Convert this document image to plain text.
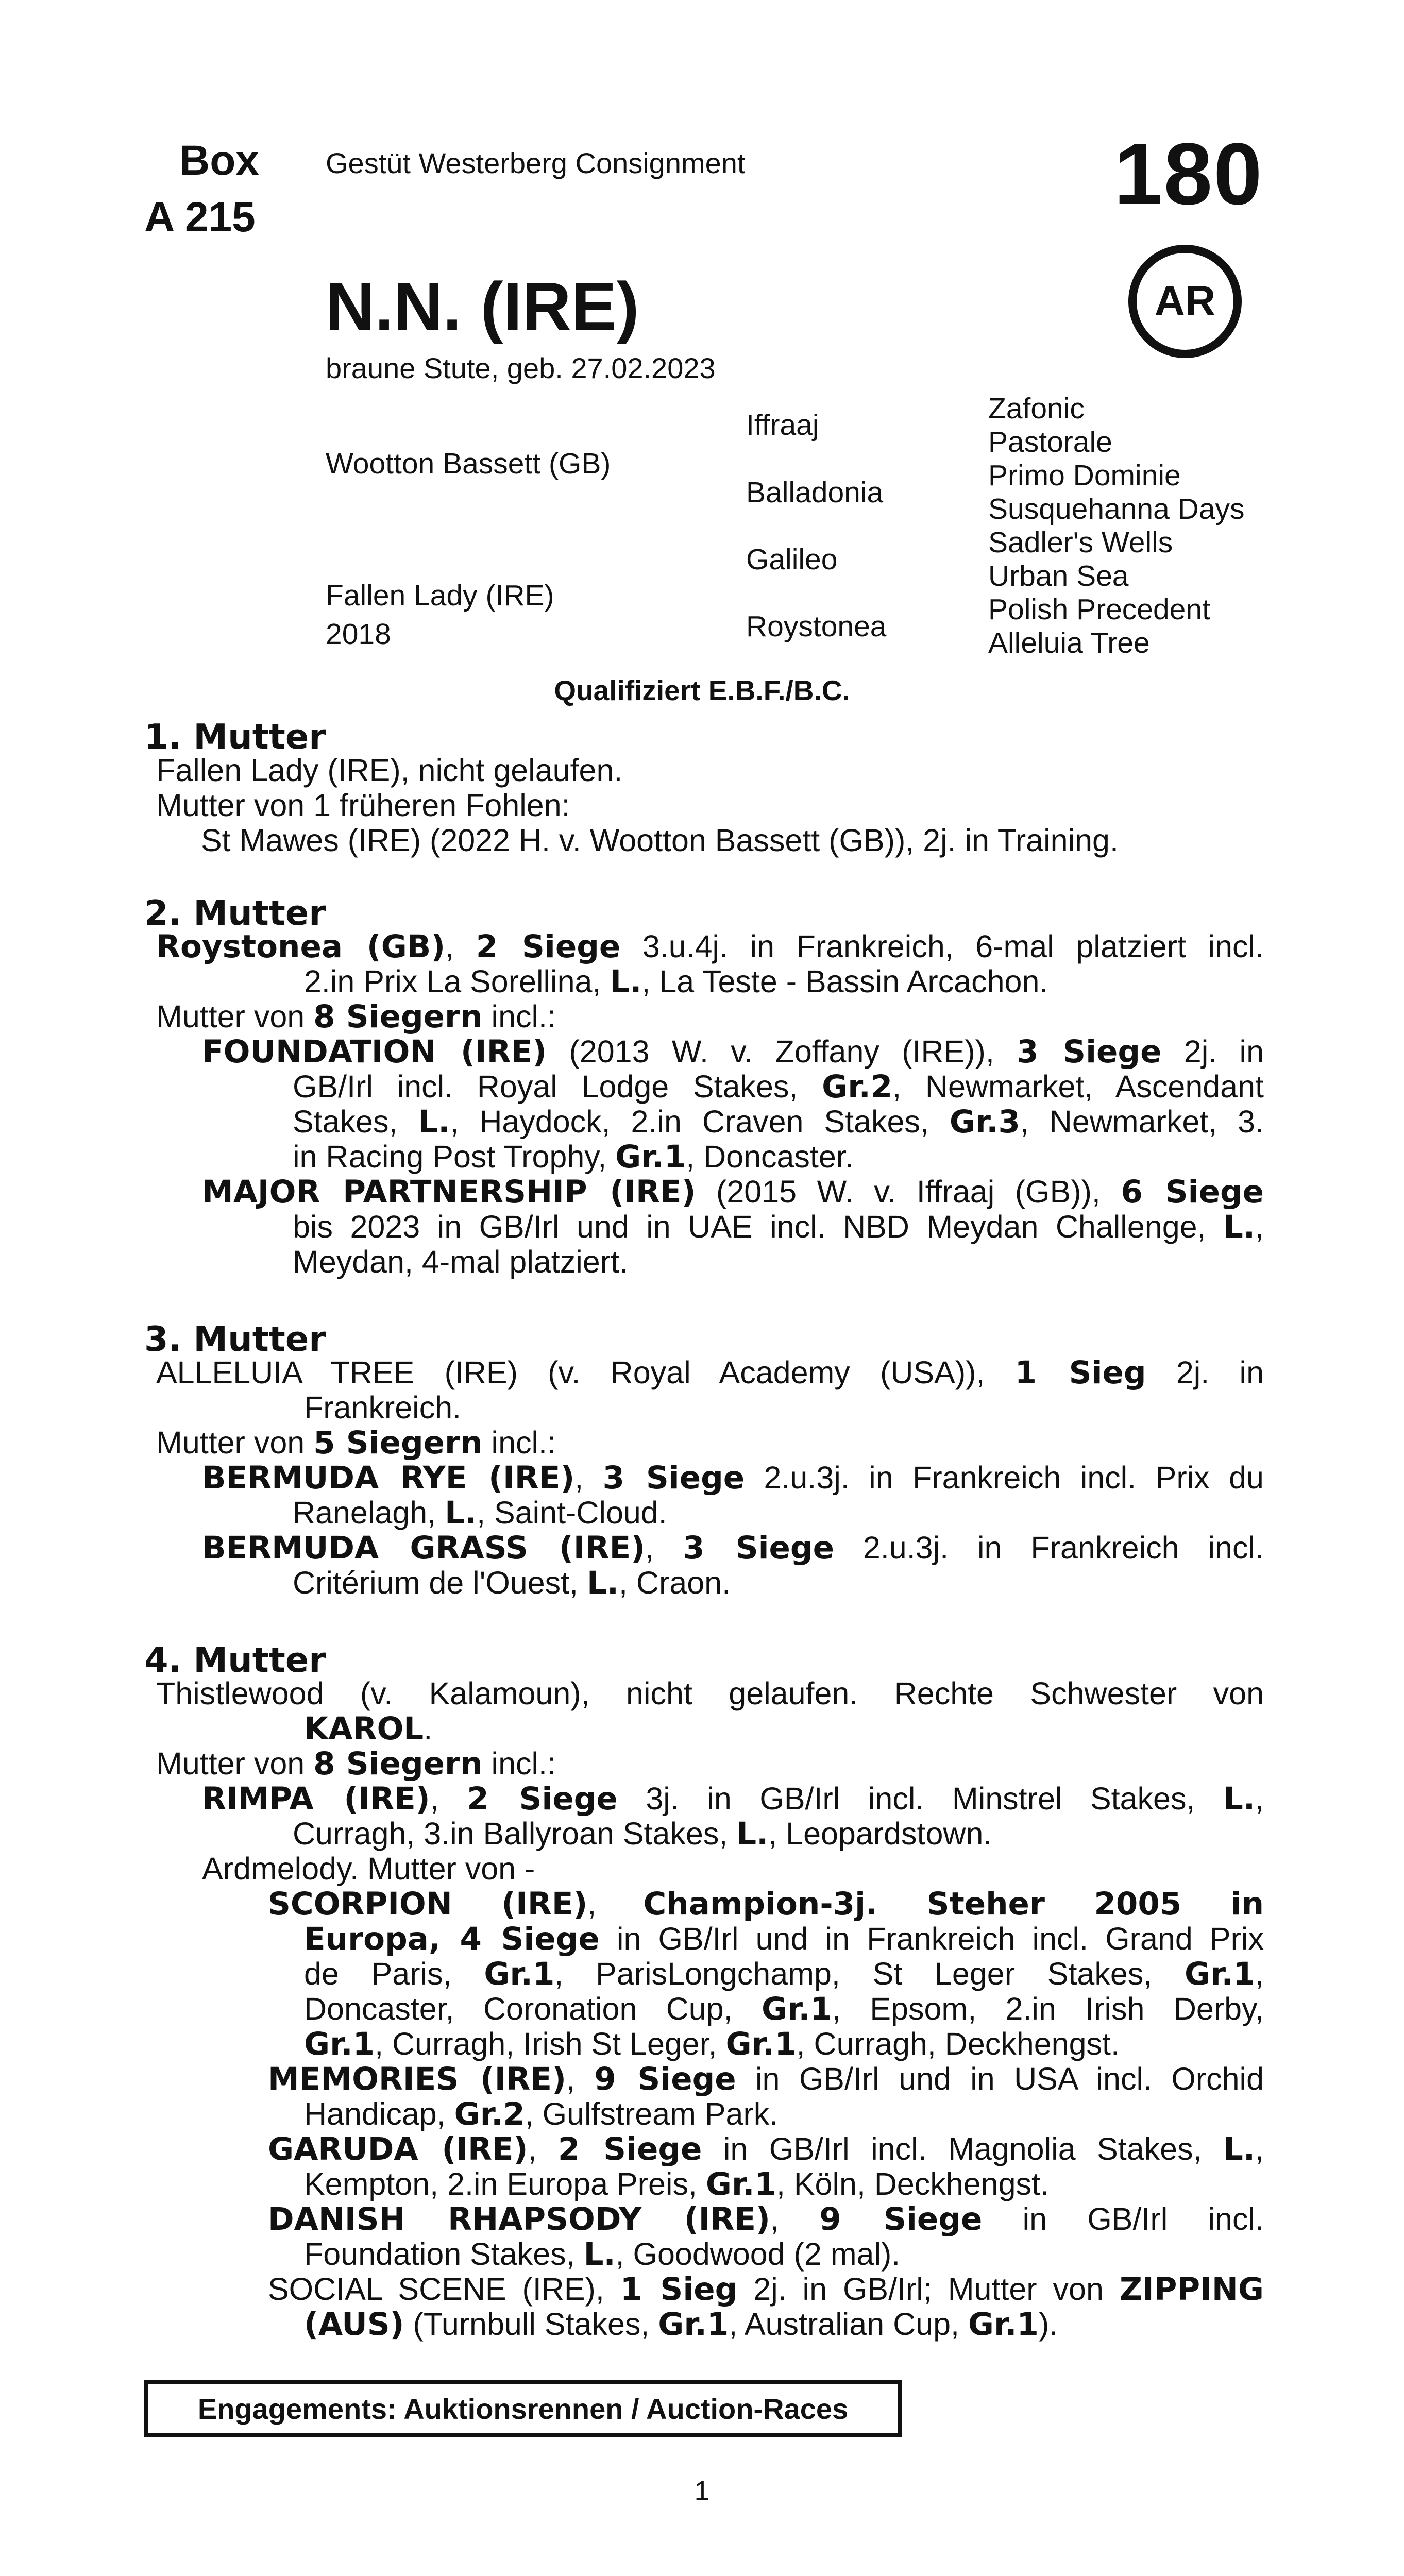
Box
A 215
Gestüt Westerberg Consignment	180
AR
N.N. (IRE)
braune Stute, geb. 27.02.2023
Wootton Bassett (GB)
Fallen Lady (IRE)
2018
Iffraaj
Balladonia
Galileo
Roystonea
Zafonic
Pastorale
Primo Dominie
Susquehanna Days
Sadler's Wells
Urban Sea
Polish Precedent
Alleluia Tree
Qualifiziert E.B.F./B.C.
1. Mutter
Fallen Lady (IRE), nicht gelaufen.
Mutter von 1 früheren Fohlen:
St Mawes (IRE) (2022 H. v. Wootton Bassett (GB)), 2j. in Training.
2. Mutter
Roystonea (GB), 2 Siege 3.u.4j. in Frankreich, 6-mal platziert incl.
2.in Prix La Sorellina, L., La Teste - Bassin Arcachon.
Mutter von 8 Siegern incl.:
FOUNDATION (IRE) (2013 W. v. Zoffany (IRE)), 3 Siege 2j. in
GB/Irl incl. Royal Lodge Stakes, Gr.2, Newmarket, Ascendant
Stakes, L., Haydock, 2.in Craven Stakes, Gr.3, Newmarket, 3.
in Racing Post Trophy, Gr.1, Doncaster.
MAJOR PARTNERSHIP (IRE) (2015 W. v. Iffraaj (GB)), 6 Siege
bis 2023 in GB/Irl und in UAE incl. NBD Meydan Challenge, L.,
Meydan, 4-mal platziert.
3. Mutter
ALLELUIA TREE (IRE) (v. Royal Academy (USA)), 1 Sieg 2j. in
Frankreich.
Mutter von 5 Siegern incl.:
BERMUDA RYE (IRE), 3 Siege 2.u.3j. in Frankreich incl. Prix du
Ranelagh, L., Saint-Cloud.
BERMUDA GRASS (IRE), 3 Siege 2.u.3j. in Frankreich incl.
Critérium de l'Ouest, L., Craon.
4. Mutter
Thistlewood (v. Kalamoun), nicht gelaufen. Rechte Schwester von
KAROL.
Mutter von 8 Siegern incl.:
RIMPA (IRE), 2 Siege 3j. in GB/Irl incl. Minstrel Stakes, L.,
Curragh, 3.in Ballyroan Stakes, L., Leopardstown.
Ardmelody. Mutter von -
SCORPION (IRE), Champion-3j. Steher 2005 in
Europa, 4 Siege in GB/Irl und in Frankreich incl. Grand Prix
de Paris, Gr.1, ParisLongchamp, St Leger Stakes, Gr.1,
Doncaster, Coronation Cup, Gr.1, Epsom, 2.in Irish Derby,
Gr.1, Curragh, Irish St Leger, Gr.1, Curragh, Deckhengst.
MEMORIES (IRE), 9 Siege in GB/Irl und in USA incl. Orchid
Handicap, Gr.2, Gulfstream Park.
GARUDA (IRE), 2 Siege in GB/Irl incl. Magnolia Stakes, L.,
Kempton, 2.in Europa Preis, Gr.1, Köln, Deckhengst.
DANISH RHAPSODY (IRE), 9 Siege in GB/Irl incl.
Foundation Stakes, L., Goodwood (2 mal).
SOCIAL SCENE (IRE), 1 Sieg 2j. in GB/Irl; Mutter von ZIPPING
(AUS) (Turnbull Stakes, Gr.1, Australian Cup, Gr.1).
Engagements: Auktionsrennen / Auction-Races
1
